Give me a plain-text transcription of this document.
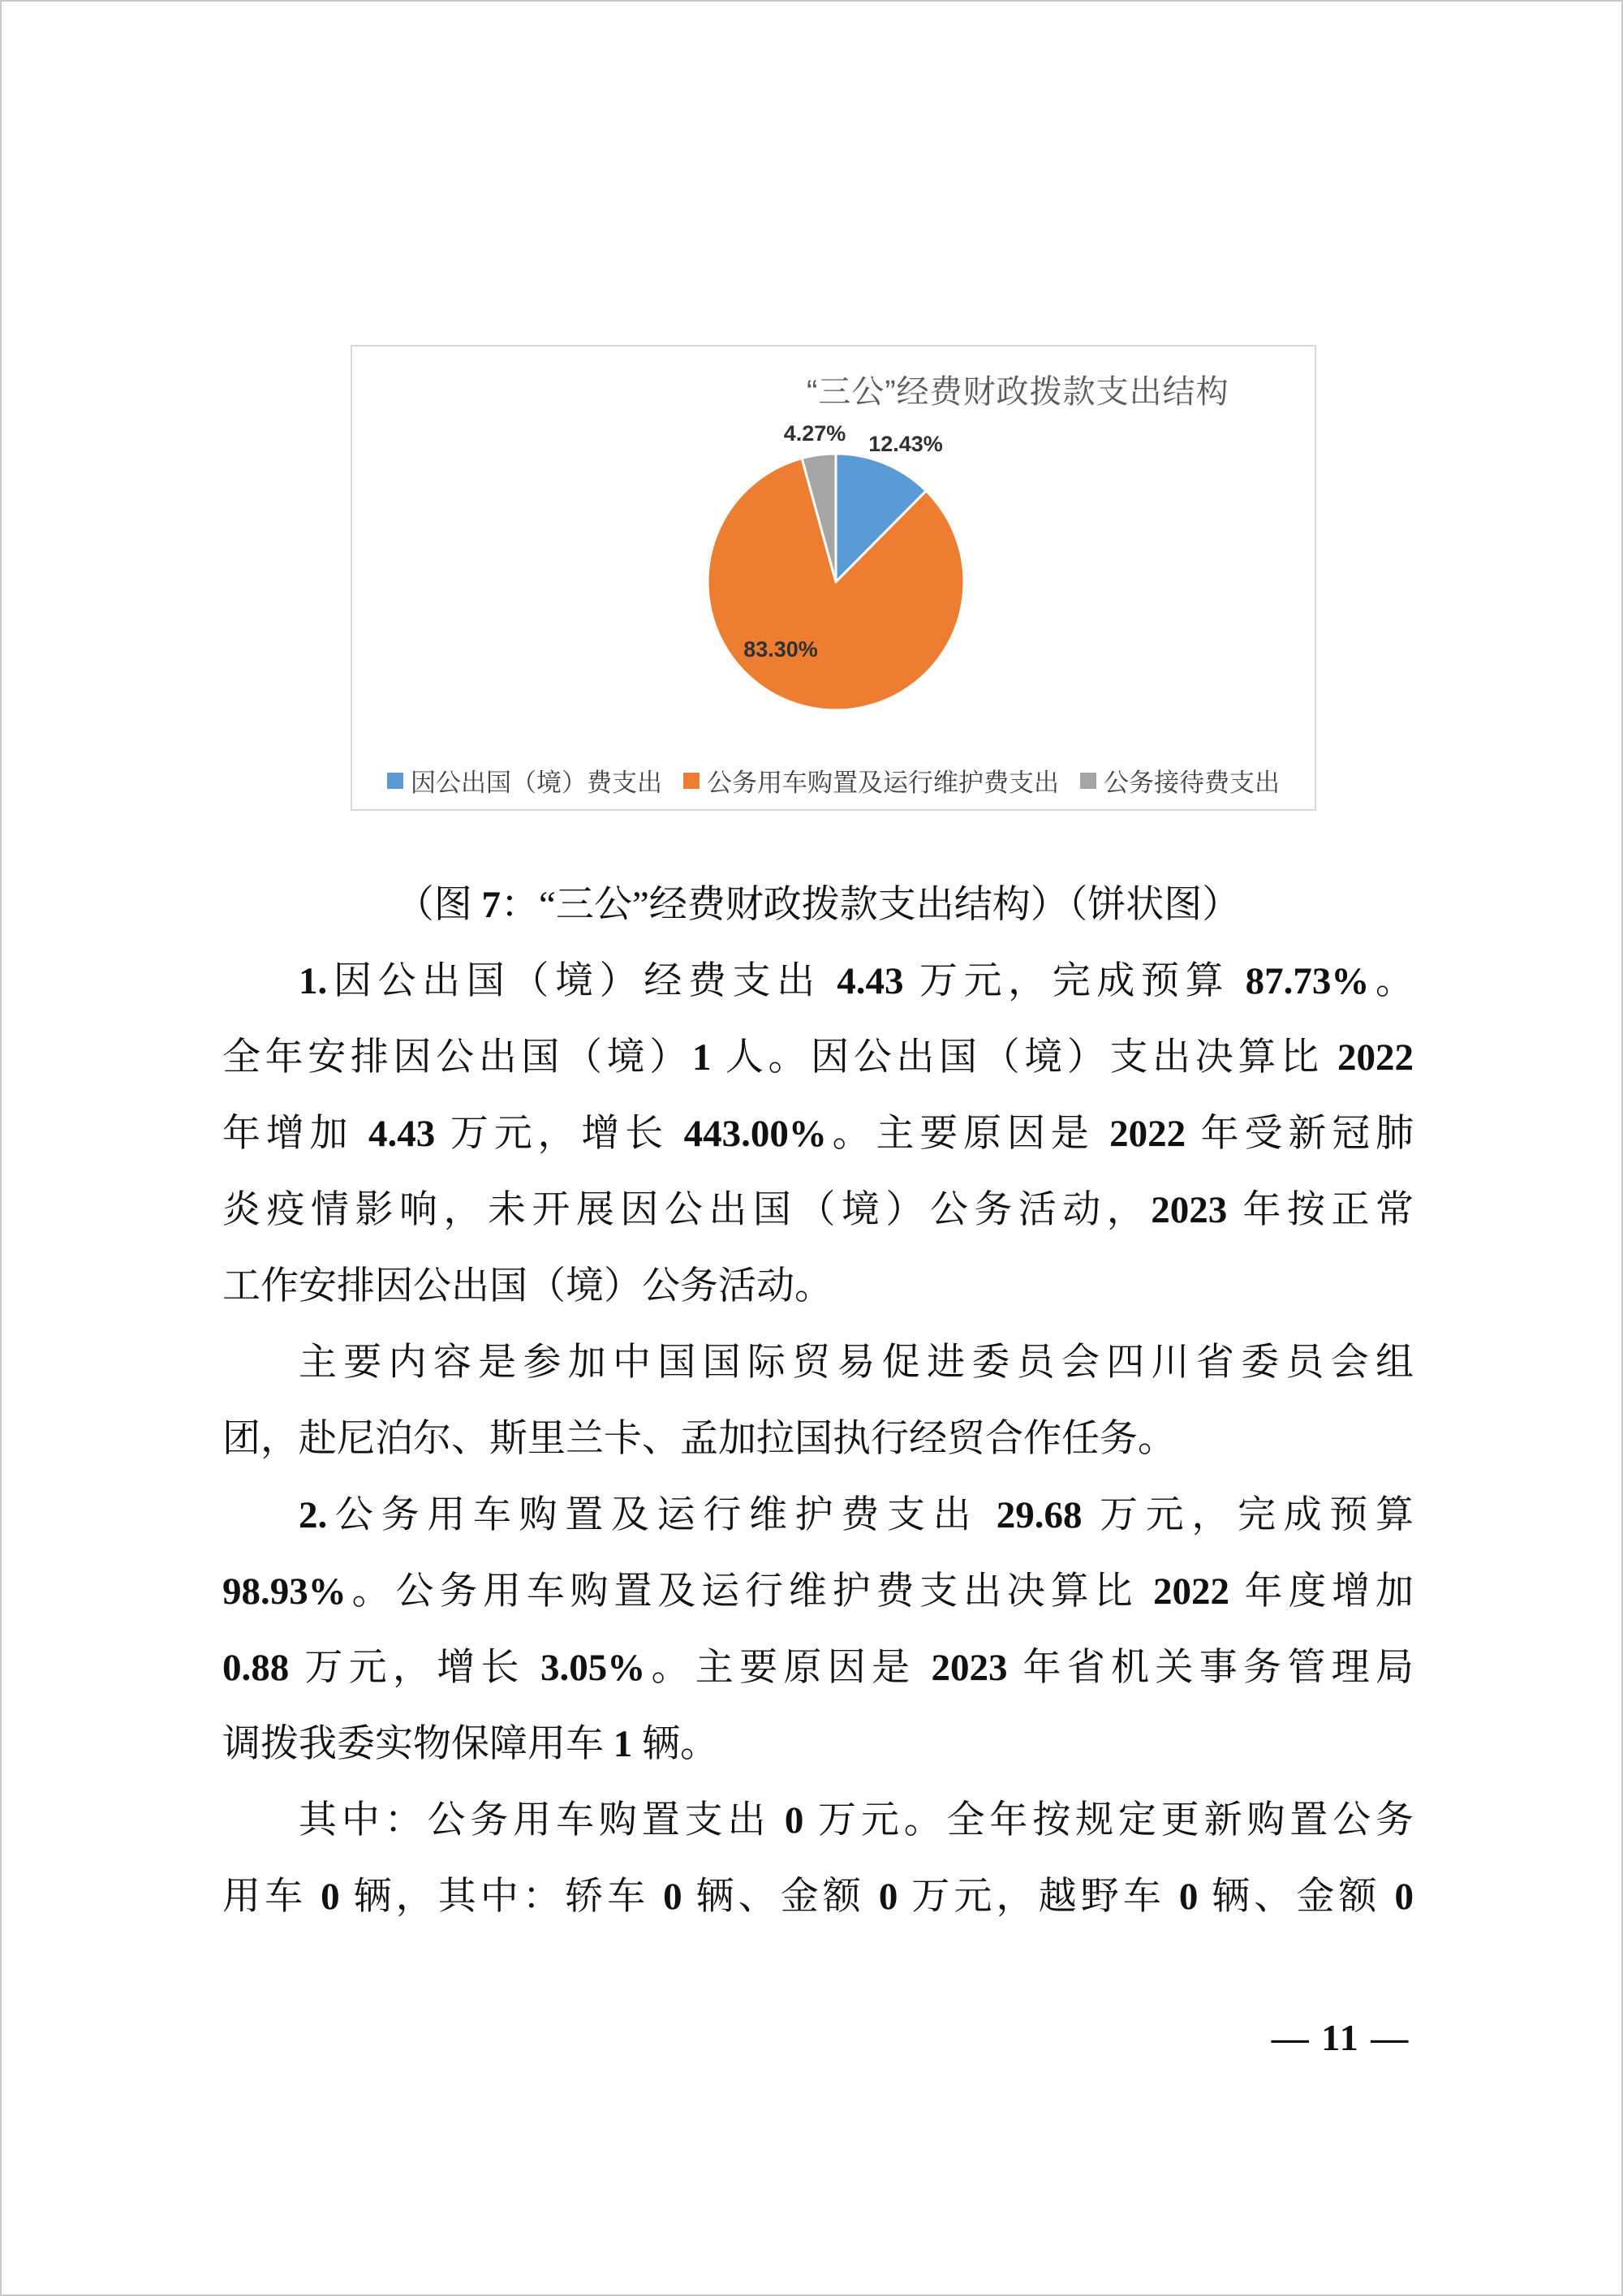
“三公”经费财政拨款支出结构
4.27%	12.43%
83.30%
因公出国（境）费支出 公务用车购置及运行维护费支出 公务接待费支出
（图 7：“三公”经费财政拨款支出结构）（饼状图）
1.因公出国（境）经费支出 4.43 万元，完成预算 87.73%。
全年安排因公出国（境）1 人。因公出国（境）支出决算比 2022
年增加 4.43 万元，增长 443.00%。主要原因是 2022 年受新冠肺
炎疫情影响，未开展因公出国（境）公务活动，2023 年按正常
工作安排因公出国（境）公务活动。
主要内容是参加中国国际贸易促进委员会四川省委员会组
团，赴尼泊尔、斯里兰卡、孟加拉国执行经贸合作任务。
2.公务用车购置及运行维护费支出 29.68 万元，完成预算
98.93%。公务用车购置及运行维护费支出决算比 2022 年度增加
0.88 万元，增长 3.05%。主要原因是 2023 年省机关事务管理局
调拨我委实物保障用车 1 辆。
其中：公务用车购置支出 0 万元。全年按规定更新购置公务
用车 0 辆，其中：轿车 0 辆、金额 0 万元，越野车 0 辆、金额 0
— 11 —
